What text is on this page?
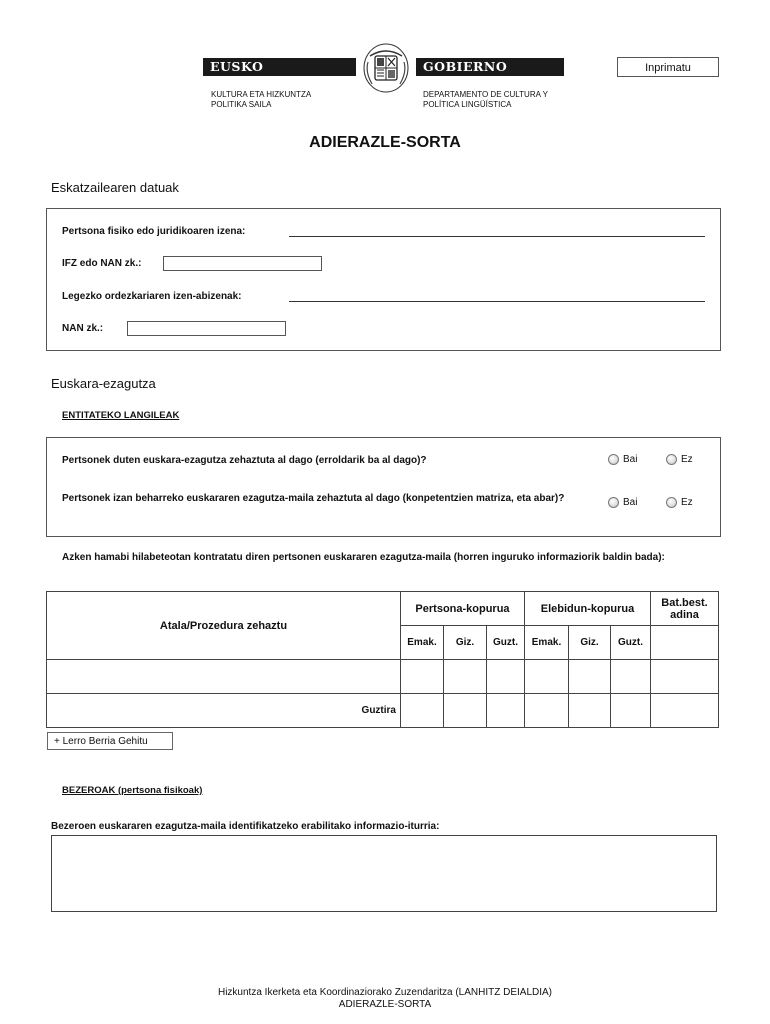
EUSKO JAURLARITZA
GOBIERNO VASCO
KULTURA ETA HIZKUNTZA
POLITIKA SAILA
DEPARTAMENTO DE CULTURA Y
POLÍTICA LINGÜÍSTICA
Inprimatu
ADIERAZLE-SORTA
Eskatzailearen datuak
Pertsona fisiko edo juridikoaren izena:
IFZ edo NAN zk.:
Legezko ordezkariaren izen-abizenak:
NAN zk.:
Euskara-ezagutza
ENTITATEKO LANGILEAK
Pertsonek duten euskara-ezagutza zehaztuta al dago (erroldarik ba al dago)?	Bai	Ez
Pertsonek izan beharreko euskararen ezagutza-maila zehaztuta al dago (konpetentzien matriza, eta abar)?	Bai	Ez
Azken hamabi hilabeteotan kontratatu diren pertsonen euskararen ezagutza-maila (horren inguruko informaziorik baldin bada):
Atala/Prozedura zehaztu	Pertsona-kopurua			Elebidun-kopurua			Bat.best. adina
	Emak.	Giz.	Guzt.	Emak.	Giz.	Guzt.	

Guztira							
+ Lerro Berria Gehitu
BEZEROAK (pertsona fisikoak)
Bezeroen euskararen ezagutza-maila identifikatzeko erabilitako informazio-iturria:
Hizkuntza Ikerketa eta Koordinaziorako Zuzendaritza (LANHITZ DEIALDIA)
ADIERAZLE-SORTA
